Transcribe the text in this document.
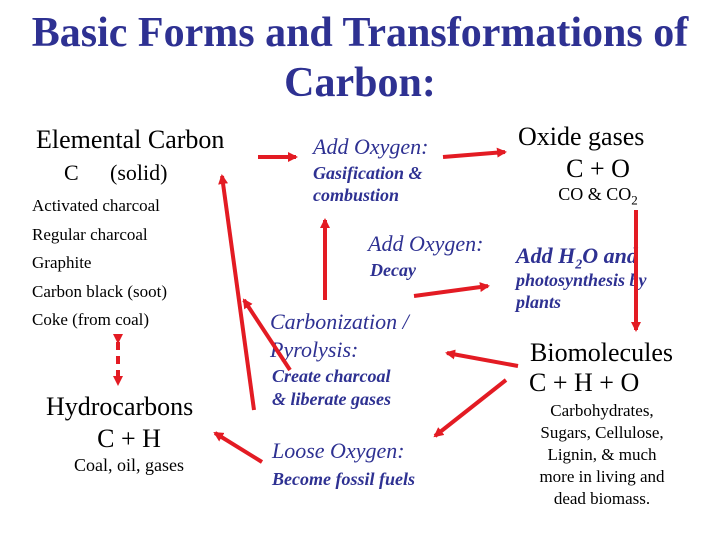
Basic Forms and Transformations of Carbon:
Elemental Carbon
C (solid)
Activated charcoal
Regular charcoal
Graphite
Carbon black (soot)
Coke (from coal)
Add Oxygen:
Gasification &
combustion
Oxide gases
C + O
CO & $CO_2$
Add Oxygen:
Decay
Add $H_2O$ and
photosynthesis by
plants
Carbonization /
Pyrolysis:
Create charcoal
& liberate gases
Biomolecules
C + H + O
Carbohydrates,
Sugars, Cellulose,
Lignin, & much
more in living and
dead biomass.
Hydrocarbons
C + H
Coal, oil, gases
Loose Oxygen:
Become fossil fuels
